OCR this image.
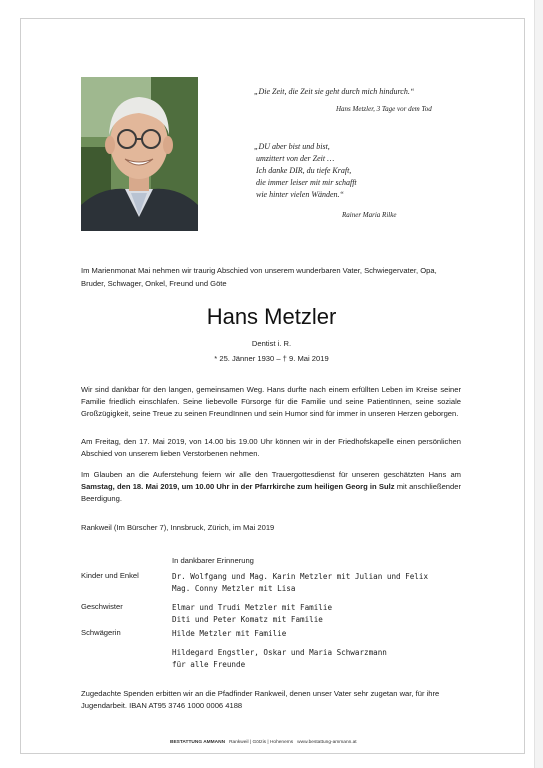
„Die Zeit, die Zeit sie geht durch mich hindurch.“
Hans Metzler, 3 Tage vor dem Tod
„DU aber bist und bist,
umzittert von der Zeit …
Ich danke DIR, du tiefe Kraft,
die immer leiser mit mir schafft
wie hinter vielen Wänden.“
Rainer Maria Rilke

Im Marienmonat Mai nehmen wir traurig Abschied von unserem wunderbaren Vater, Schwiegervater, Opa, Bruder, Schwager, Onkel, Freund und Göte

Hans Metzler
Dentist i. R.
* 25. Jänner 1930 – † 9. Mai 2019

Wir sind dankbar für den langen, gemeinsamen Weg. Hans durfte nach einem erfüllten Leben im Kreise seiner Familie friedlich einschlafen. Seine liebevolle Fürsorge für die Familie und seine PatientInnen, seine soziale Großzügigkeit, seine Treue zu seinen FreundInnen und sein Humor sind für immer in unseren Herzen geborgen.

Am Freitag, den 17. Mai 2019, von 14.00 bis 19.00 Uhr können wir in der Friedhofskapelle einen persönlichen Abschied von unserem lieben Verstorbenen nehmen.

Im Glauben an die Auferstehung feiern wir alle den Trauergottesdienst für unseren geschätzten Hans am Samstag, den 18. Mai 2019, um 10.00 Uhr in der Pfarrkirche zum heiligen Georg in Sulz mit anschließender Beerdigung.

Rankweil (Im Bürscher 7), Innsbruck, Zürich, im Mai 2019
In dankbarer Erinnerung
Kinder und Enkel	Dr. Wolfgang und Mag. Karin Metzler mit Julian und Felix
Mag. Conny Metzler mit Lisa
Geschwister	Elmar und Trudi Metzler mit Familie
Diti und Peter Komatz mit Familie
Schwägerin	Hilde Metzler mit Familie
Hildegard Engstler, Oskar und Maria Schwarzmann
für alle Freunde

Zugedachte Spenden erbitten wir an die Pfadfinder Rankweil, denen unser Vater sehr zugetan war, für ihre Jugendarbeit. IBAN AT95 3746 1000 0006 4188

BESTATTUNG AMMANN Rankweil | Götzis | Hohenems www.bestattung-ammann.at
